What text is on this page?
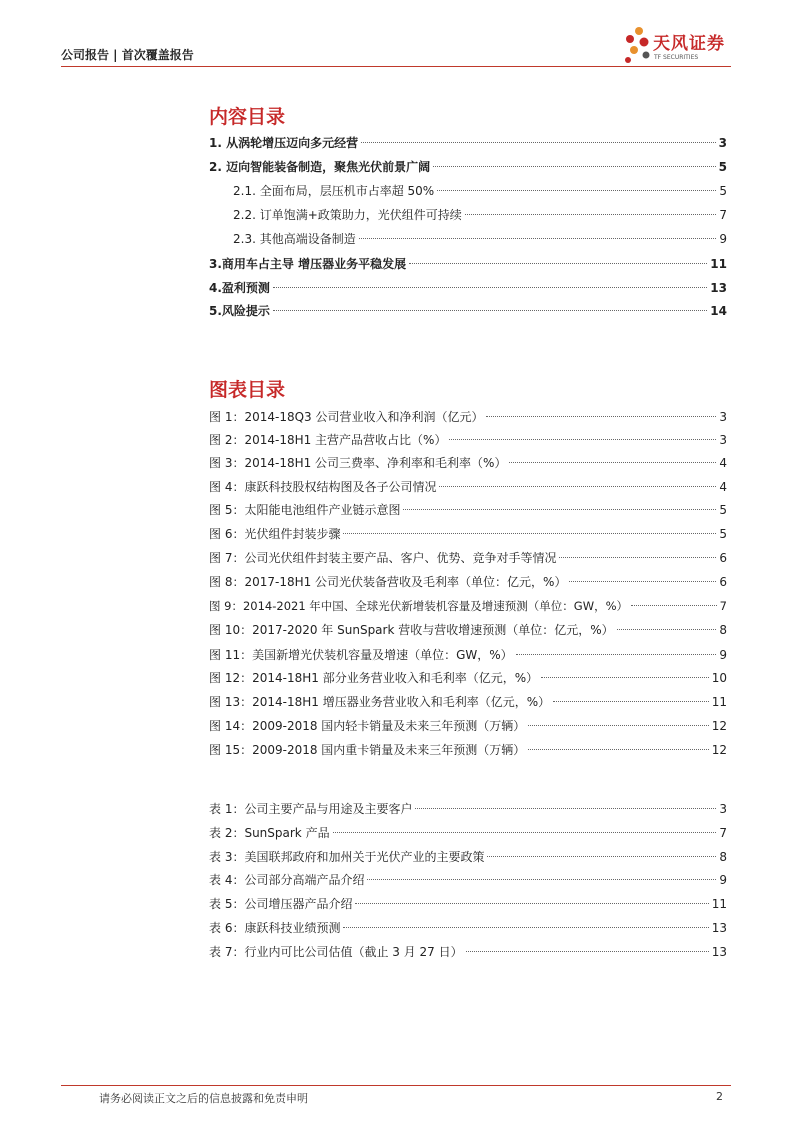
公司报告 | 首次覆盖报告
天风证券
TF SECURITIES
内容目录
1. 从涡轮增压迈向多元经营	3
2. 迈向智能装备制造，聚焦光伏前景广阔	5
2.1. 全面布局，层压机市占率超 50%	5
2.2. 订单饱满+政策助力，光伏组件可持续	7
2.3. 其他高端设备制造	9
3.商用车占主导 增压器业务平稳发展	11
4.盈利预测	13
5.风险提示	14
图表目录
图 1：2014-18Q3 公司营业收入和净利润（亿元）	3
图 2：2014-18H1 主营产品营收占比（%）	3
图 3：2014-18H1 公司三费率、净利率和毛利率（%）	4
图 4：康跃科技股权结构图及各子公司情况	4
图 5：太阳能电池组件产业链示意图	5
图 6：光伏组件封装步骤	5
图 7：公司光伏组件封装主要产品、客户、优势、竞争对手等情况	6
图 8：2017-18H1 公司光伏装备营收及毛利率（单位：亿元，%）	6
图 9：2014-2021 年中国、全球光伏新增装机容量及增速预测（单位：GW，%）	7
图 10：2017-2020 年 SunSpark 营收与营收增速预测（单位：亿元，%）	8
图 11：美国新增光伏装机容量及增速（单位：GW，%）	9
图 12：2014-18H1 部分业务营业收入和毛利率（亿元，%）	10
图 13：2014-18H1 增压器业务营业收入和毛利率（亿元，%）	11
图 14：2009-2018 国内轻卡销量及未来三年预测（万辆）	12
图 15：2009-2018 国内重卡销量及未来三年预测（万辆）	12
表 1：公司主要产品与用途及主要客户	3
表 2：SunSpark 产品	7
表 3：美国联邦政府和加州关于光伏产业的主要政策	8
表 4：公司部分高端产品介绍	9
表 5：公司增压器产品介绍	11
表 6：康跃科技业绩预测	13
表 7：行业内可比公司估值（截止 3 月 27 日）	13
请务必阅读正文之后的信息披露和免责申明	2
